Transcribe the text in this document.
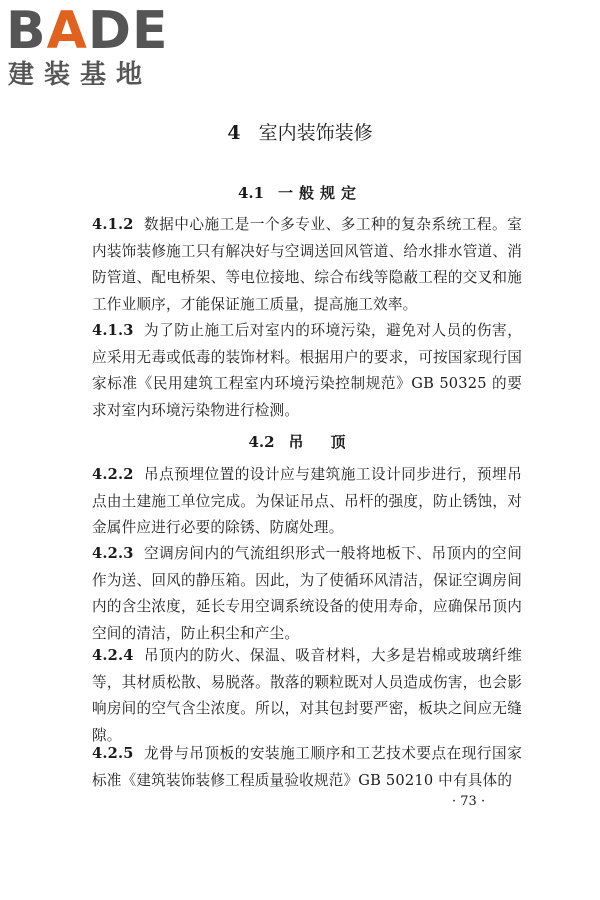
BADE
建装基地
4 室内装饰装修
4.1 一般规定

4.1.2 数据中心施工是一个多专业、多工种的复杂系统工程。室内装饰装修施工只有解决好与空调送回风管道、给水排水管道、消防管道、配电桥架、等电位接地、综合布线等隐蔽工程的交叉和施工作业顺序，才能保证施工质量，提高施工效率。

4.1.3 为了防止施工后对室内的环境污染，避免对人员的伤害，应采用无毒或低毒的装饰材料。根据用户的要求，可按国家现行国家标准《民用建筑工程室内环境污染控制规范》GB 50325 的要求对室内环境污染物进行检测。

4.2 吊　顶

4.2.2 吊点预埋位置的设计应与建筑施工设计同步进行，预埋吊点由土建施工单位完成。为保证吊点、吊杆的强度，防止锈蚀，对金属件应进行必要的除锈、防腐处理。

4.2.3 空调房间内的气流组织形式一般将地板下、吊顶内的空间作为送、回风的静压箱。因此，为了使循环风清洁，保证空调房间内的含尘浓度，延长专用空调系统设备的使用寿命，应确保吊顶内空间的清洁，防止积尘和产尘。

4.2.4 吊顶内的防火、保温、吸音材料，大多是岩棉或玻璃纤维等，其材质松散、易脱落。散落的颗粒既对人员造成伤害，也会影响房间的空气含尘浓度。所以，对其包封要严密，板块之间应无缝隙。

4.2.5 龙骨与吊顶板的安装施工顺序和工艺技术要点在现行国家标准《建筑装饰装修工程质量验收规范》GB 50210 中有具体的

· 73 ·
